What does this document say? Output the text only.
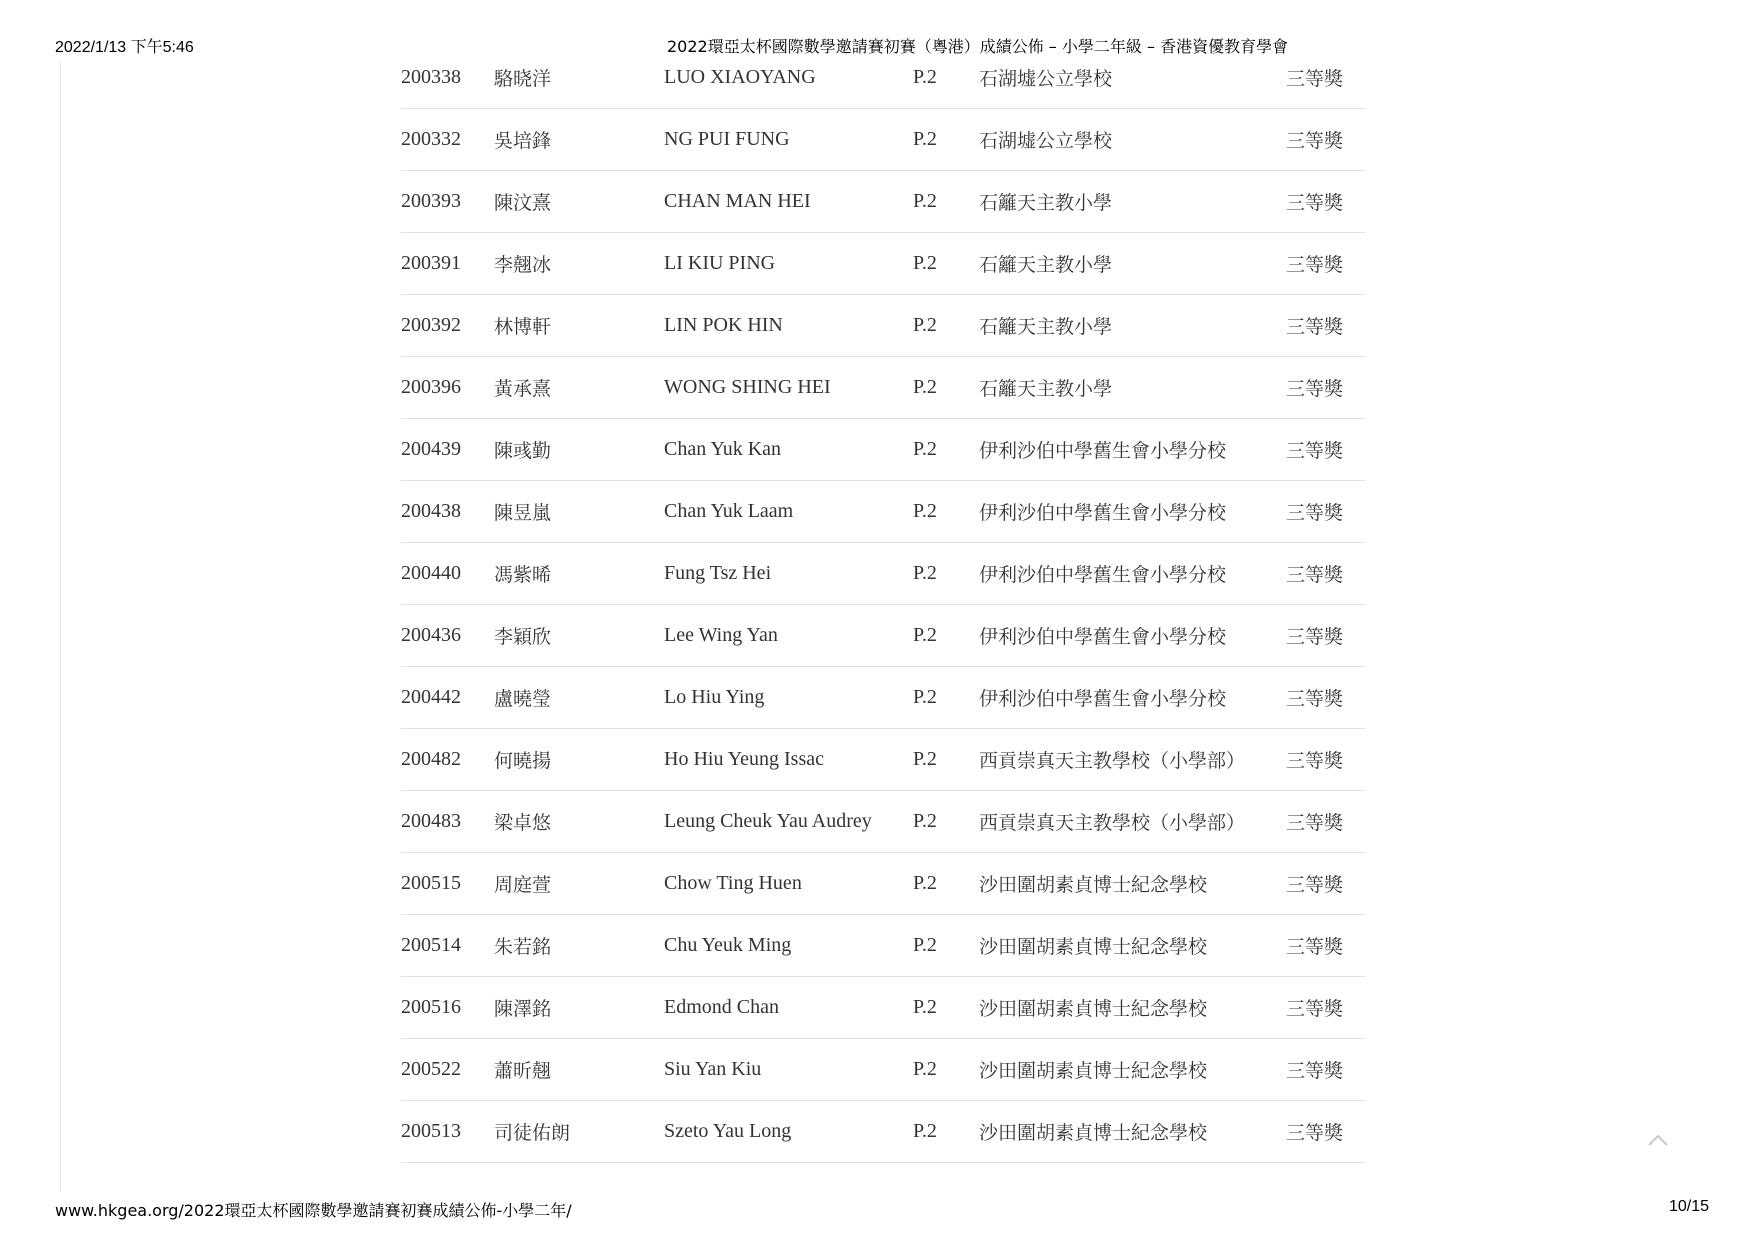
2022/1/13 下午5:46	2022環亞太杯國際數學邀請賽初賽（粵港）成績公佈 – 小學二年級 – 香港資優教育學會
200338	駱晓洋	LUO XIAOYANG	P.2	石湖墟公立學校	三等獎
200332	吳培鋒	NG PUI FUNG	P.2	石湖墟公立學校	三等獎
200393	陳汶熹	CHAN MAN HEI	P.2	石籬天主教小學	三等獎
200391	李翹冰	LI KIU PING	P.2	石籬天主教小學	三等獎
200392	林博軒	LIN POK HIN	P.2	石籬天主教小學	三等獎
200396	黃承熹	WONG SHING HEI	P.2	石籬天主教小學	三等獎
200439	陳彧勤	Chan Yuk Kan	P.2	伊利沙伯中學舊生會小學分校	三等獎
200438	陳昱嵐	Chan Yuk Laam	P.2	伊利沙伯中學舊生會小學分校	三等獎
200440	馮紫晞	Fung Tsz Hei	P.2	伊利沙伯中學舊生會小學分校	三等獎
200436	李穎欣	Lee Wing Yan	P.2	伊利沙伯中學舊生會小學分校	三等獎
200442	盧曉瑩	Lo Hiu Ying	P.2	伊利沙伯中學舊生會小學分校	三等獎
200482	何曉揚	Ho Hiu Yeung Issac	P.2	西貢崇真天主教學校（小學部）	三等獎
200483	梁卓悠	Leung Cheuk Yau Audrey	P.2	西貢崇真天主教學校（小學部）	三等獎
200515	周庭萱	Chow Ting Huen	P.2	沙田圍胡素貞博士紀念學校	三等獎
200514	朱若銘	Chu Yeuk Ming	P.2	沙田圍胡素貞博士紀念學校	三等獎
200516	陳澤銘	Edmond Chan	P.2	沙田圍胡素貞博士紀念學校	三等獎
200522	蕭昕翹	Siu Yan Kiu	P.2	沙田圍胡素貞博士紀念學校	三等獎
200513	司徒佑朗	Szeto Yau Long	P.2	沙田圍胡素貞博士紀念學校	三等獎
www.hkgea.org/2022環亞太杯國際數學邀請賽初賽成績公佈-小學二年/	10/15
